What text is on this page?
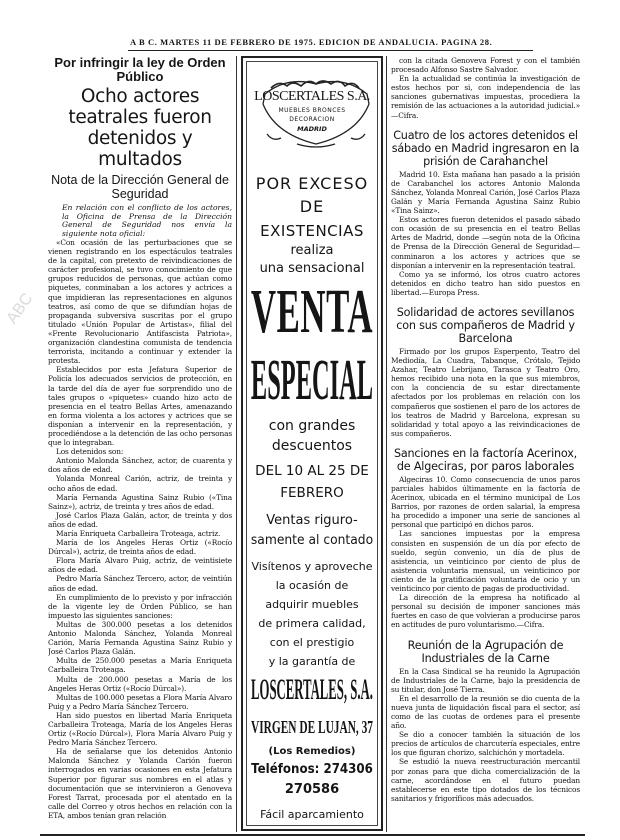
ABC
A B C. MARTES 11 DE FEBRERO DE 1975. EDICION DE ANDALUCIA. PAGINA 28.
Por infringir la ley de Orden Público
Ocho actores teatrales fueron detenidos y multados
Nota de la Dirección General de Seguridad
En relación con el conflicto de los actores, la Oficina de Prensa de la Dirección General de Seguridad nos envía la siguiente nota oficial:

«Con ocasión de las perturbaciones que se vienen registrando en los espectáculos teatrales de la capital, con pretexto de reivindicaciones de carácter profesional, se tuvo conocimiento de que grupos reducidos de personas, que actúan como piquetes, conminaban a los actores y actrices a que impidieran las representaciones en algunos teatros, así como de que se difundían hojas de propaganda subversiva suscritas por el grupo titulado «Unión Popular de Artistas», filial del «Frente Revolucionario Antifascista Patriota», organización clandestina comunista de tendencia terrorista, incitando a continuar y extender la protesta.

Establecidos por esta Jefatura Superior de Policía los adecuados servicios de protección, en la tarde del día de ayer fue sorprendido uno de tales grupos o «piquetes» cuando hizo acto de presencia en el teatro Bellas Artes, amenazando en forma violenta a los actores y actrices que se disponían a intervenir en la representación, y procediéndose a la detención de las ocho personas que lo integraban.

Los detenidos son:

Antonio Malonda Sánchez, actor, de cuarenta y dos años de edad.

Yolanda Monreal Carión, actriz, de treinta y ocho años de edad.

María Fernanda Agustina Sainz Rubio («Tina Sainz»), actriz, de treinta y tres años de edad.

José Carlos Plaza Galán, actor, de treinta y dos años de edad.

María Enriqueta Carballeira Troteaga, actriz.

María de los Angeles Heras Ortiz («Rocío Dúrcal»), actriz, de treinta años de edad.

Flora María Alvaro Puig, actriz, de veintisiete años de edad.

Pedro María Sánchez Tercero, actor, de veintiún años de edad.

En cumplimiento de lo previsto y por infracción de la vigente ley de Orden Público, se han impuesto las siguientes sanciones:

Multas de 300.000 pesetas a los detenidos Antonio Malonda Sánchez, Yolanda Monreal Carión, María Fernanda Agustina Sainz Rubio y José Carlos Plaza Galán.

Multa de 250.000 pesetas a María Enriqueta Carballeira Troteaga.

Multa de 200.000 pesetas a María de los Angeles Heras Ortiz («Rocío Dúrcal»).

Multas de 100.000 pesetas a Flora María Alvaro Puig y a Pedro María Sánchez Tercero.

Han sido puestos en libertad María Enriqueta Carballeira Troteaga, María de los Angeles Heras Ortiz («Rocío Dúrcal»), Flora María Alvaro Puig y Pedro María Sánchez Tercero.

Ha de señalarse que los detenidos Antonio Malonda Sánchez y Yolanda Carión fueron interrogados en varias ocasiones en esta Jefatura Superior por figurar sus nombres en el atlas y documentación que se intervinieron a Genoveva Forest Tarrat, procesada por el atentado en la calle del Correo y otros hechos en relación con la ETA, ambos tenían gran relación

LOSCERTALES S.A.
MUEBLES BRONCES
DECORACION
MADRID
POR EXCESO
DE
EXISTENCIAS
realiza
una sensacional
VENTA
ESPECIAL
con grandes
descuentos
DEL 10 AL 25 DE
FEBRERO
Ventas riguro-
samente al contado
Visítenos y aproveche
la ocasión de
adquirir muebles
de primera calidad,
con el prestigio
y la garantía de
LOSCERTALES, S.A.
VIRGEN DE LUJAN, 37
(Los Remedios)
Teléfonos: 274306
270586
Fácil aparcamiento

con la citada Genoveva Forest y con el también procesado Alfonso Sastre Salvador.

En la actualidad se continúa la investigación de estos hechos por si, con independencia de las sanciones gubernativas impuestas, procediera la remisión de las actuaciones a la autoridad judicial.» —Cifra.

Cuatro de los actores detenidos el sábado en Madrid ingresaron en la prisión de Carahanchel

Madrid 10. Esta mañana han pasado a la prisión de Carabanchel los actores Antonio Malonda Sánchez, Yolanda Monreal Carión, José Carlos Plaza Galán y María Fernanda Agustina Sainz Rubio «Tina Sainz».

Estos actores fueron detenidos el pasado sábado con ocasión de su presencia en el teatro Bellas Artes de Madrid, donde —según nota de la Oficina de Prensa de la Dirección General de Seguridad— conminaron a los actores y actrices que se disponían a intervenir en la representación teatral.

Como ya se informó, los otros cuatro actores detenidos en dicho teatro han sido puestos en libertad.—Europa Press.

Solidaridad de actores sevillanos con sus compañeros de Madrid y Barcelona

Firmado por los grupos Esperpento, Teatro del Mediodía, La Cuadra, Tabanque, Crótalo, Tejido Azahar, Teatro Lebrijano, Tarasca y Teatro Oro, hemos recibido una nota en la que sus miembros, con la conciencia de su estar directamente afectados por los problemas en relación con los compañeros que sostienen el paro de los actores de los teatros de Madrid y Barcelona, expresan su solidaridad y total apoyo a las reivindicaciones de sus compañeros.

Sanciones en la factoría Acerinox, de Algeciras, por paros laborales

Algeciras 10. Como consecuencia de unos paros parciales habidos últimamente en la factoría de Acerinox, ubicada en el término municipal de Los Barrios, por razones de orden salarial, la empresa ha procedido a imponer una serie de sanciones al personal que participó en dichos paros.

Las sanciones impuestas por la empresa consisten en suspensión de un día por efecto de sueldo, según convenio, un día de plus de asistencia, un veinticinco por ciento de plus de asistencia voluntaria mensual, un veinticinco por ciento de la gratificación voluntaria de ocio y un veinticinco por ciento de pagas de productividad.

La dirección de la empresa ha notificado al personal su decisión de imponer sanciones más fuertes en caso de que volvieran a producirse paros en actitudes de puro voluntarismo.—Cifra.

Reunión de la Agrupación de Industriales de la Carne

En la Casa Sindical se ha reunido la Agrupación de Industriales de la Carne, bajo la presidencia de su titular, don José Tierra.

En el desarrollo de la reunión se dio cuenta de la nueva junta de liquidación fiscal para el sector, así como de las cuotas de ordenes para el presente año.

Se dio a conocer también la situación de los precios de artículos de charcutería especiales, entre los que figuran chorizo, salchichón y mortadela.

Se estudió la nueva reestructuración mercantil por zonas para que dicha comercialización de la carne, acordándose en el futuro puedan establecerse en este tipo dotados de los técnicos sanitarios y frigoríficos más adecuados.
